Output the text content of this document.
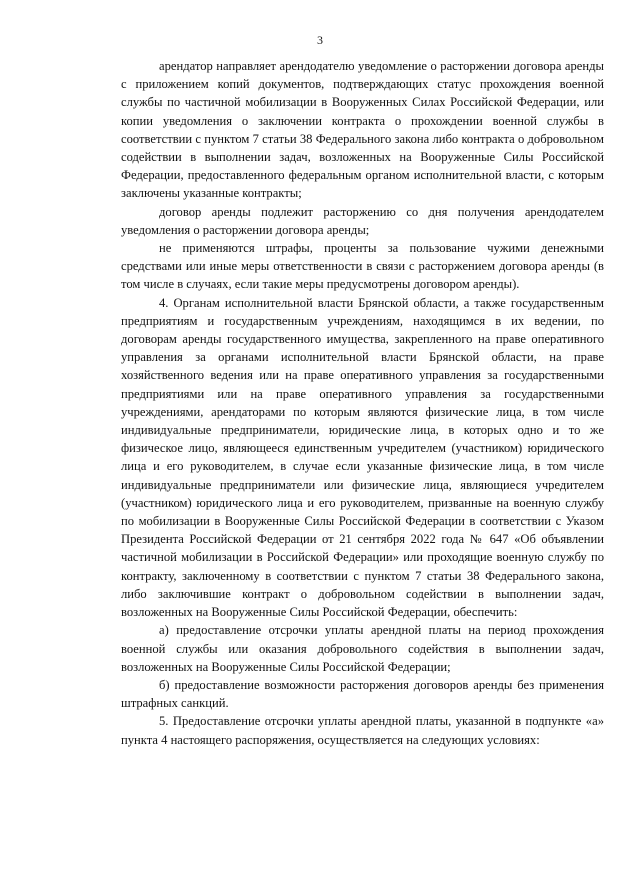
3

арендатор направляет арендодателю уведомление о расторжении договора аренды с приложением копий документов, подтверждающих статус прохождения военной службы по частичной мобилизации в Вооруженных Силах Российской Федерации, или копии уведомления о заключении контракта о прохождении военной службы в соответствии с пунктом 7 статьи 38 Федерального закона либо контракта о добровольном содействии в выполнении задач, возложенных на Вооруженные Силы Российской Федерации, предоставленного федеральным органом исполнительной власти, с которым заключены указанные контракты;

договор аренды подлежит расторжению со дня получения арендодателем уведомления о расторжении договора аренды;

не применяются штрафы, проценты за пользование чужими денежными средствами или иные меры ответственности в связи с расторжением договора аренды (в том числе в случаях, если такие меры предусмотрены договором аренды).

4. Органам исполнительной власти Брянской области, а также государственным предприятиям и государственным учреждениям, находящимся в их ведении, по договорам аренды государственного имущества, закрепленного на праве оперативного управления за органами исполнительной власти Брянской области, на праве хозяйственного ведения или на праве оперативного управления за государственными предприятиями или на праве оперативного управления за государственными учреждениями, арендаторами по которым являются физические лица, в том числе индивидуальные предприниматели, юридические лица, в которых одно и то же физическое лицо, являющееся единственным учредителем (участником) юридического лица и его руководителем, в случае если указанные физические лица, в том числе индивидуальные предприниматели или физические лица, являющиеся учредителем (участником) юридического лица и его руководителем, призванные на военную службу по мобилизации в Вооруженные Силы Российской Федерации в соответствии с Указом Президента Российской Федерации от 21 сентября 2022 года № 647 «Об объявлении частичной мобилизации в Российской Федерации» или проходящие военную службу по контракту, заключенному в соответствии с пунктом 7 статьи 38 Федерального закона, либо заключившие контракт о добровольном содействии в выполнении задач, возложенных на Вооруженные Силы Российской Федерации, обеспечить:

а) предоставление отсрочки уплаты арендной платы на период прохождения военной службы или оказания добровольного содействия в выполнении задач, возложенных на Вооруженные Силы Российской Федерации;

б) предоставление возможности расторжения договоров аренды без применения штрафных санкций.

5. Предоставление отсрочки уплаты арендной платы, указанной в подпункте «а» пункта 4 настоящего распоряжения, осуществляется на следующих условиях:
